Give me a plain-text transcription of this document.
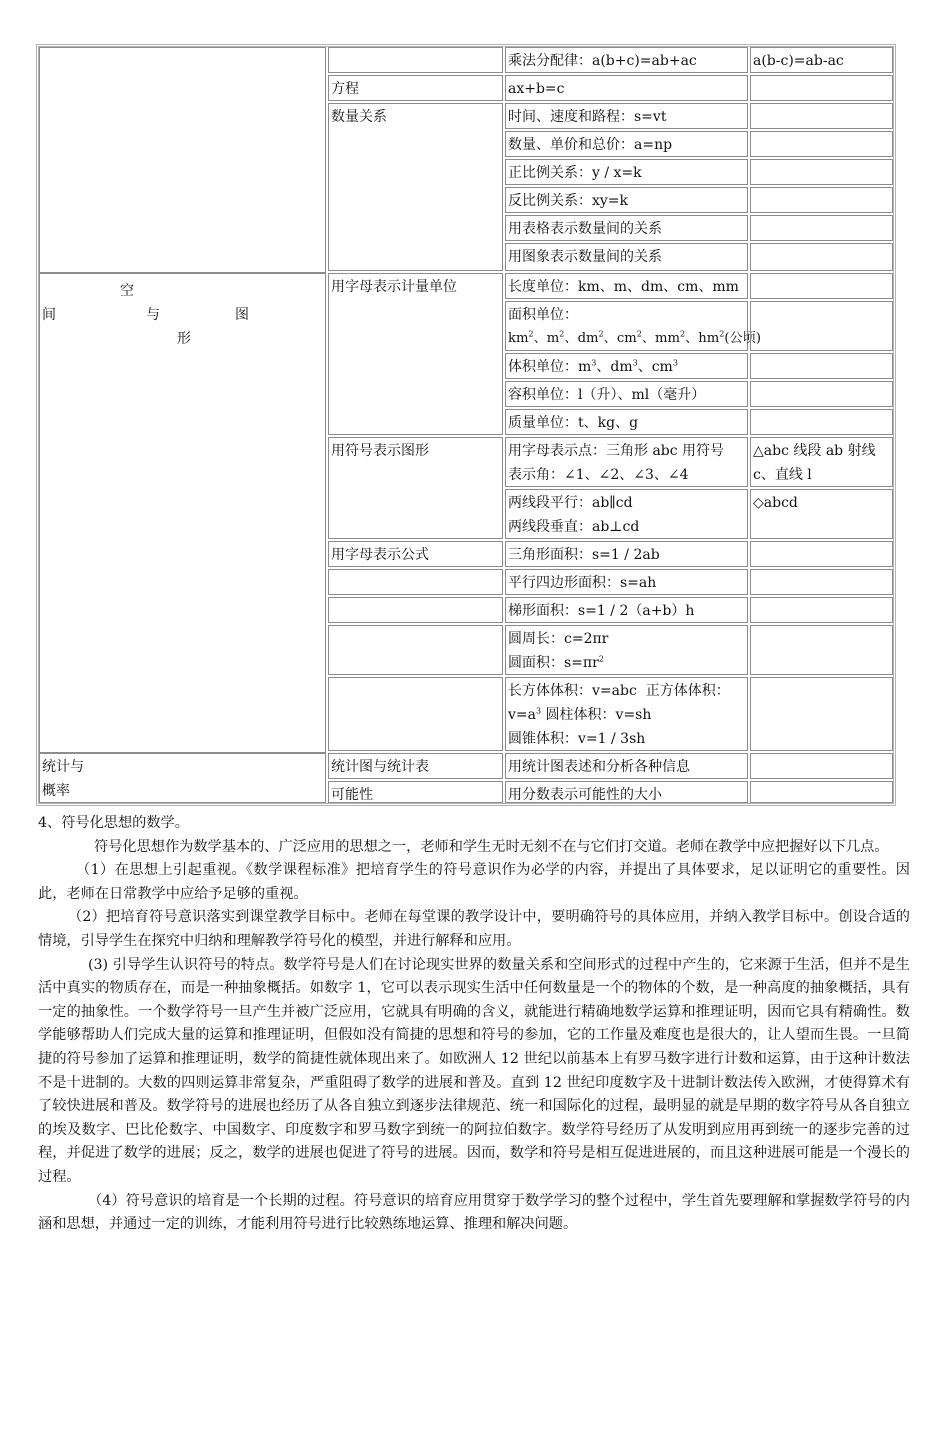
空
间	与	图
形
统计与
概率
方程
数量关系
用字母表示计量单位
用符号表示图形
用字母表示公式
统计图与统计表
可能性
乘法分配律：a(b+c)=ab+ac
ax+b=c
时间、速度和路程：s=vt
数量、单价和总价：a=np
正比例关系：y / x=k
反比例关系：xy=k
用表格表示数量间的关系
用图象表示数量间的关系
长度单位：km、m、dm、cm、mm
面积单位：
$km^2$、$m^2$、$dm^2$、$cm^2$、$mm^2$、$hm^2$(公顷)
体积单位：$m^3$、$dm^3$、$cm^3$
容积单位：l（升）、ml（毫升）
质量单位：t、kg、g
用字母表示点：三角形 abc 用符号
表示角：∠1、∠2、∠3、∠4
两线段平行：ab∥cd
两线段垂直：ab⊥cd
三角形面积：s=1 / 2ab
平行四边形面积：s=ah
梯形面积：s=1 / 2（a+b）h
圆周长：c=2πr
圆面积：$s=\pi r^2$
长方体体积：v=abc  正方体体积：
$v=a^3$ 圆柱体积：v=sh
圆锥体积：v=1 / 3sh
用统计图表述和分析各种信息
用分数表示可能性的大小
a(b-c)=ab-ac
△abc 线段 ab 射线
c、直线 l
◇abcd

4、符号化思想的数学。

符号化思想作为数学基本的、广泛应用的思想之一，老师和学生无时无刻不在与它们打交道。老师在教学中应把握好以下几点。

（1）在思想上引起重视。《数学课程标准》把培育学生的符号意识作为必学的内容，并提出了具体要求，足以证明它的重要性。因此，老师在日常教学中应给予足够的重视。

（2）把培育符号意识落实到课堂教学目标中。老师在每堂课的教学设计中，要明确符号的具体应用，并纳入教学目标中。创设合适的情境，引导学生在探究中归纳和理解教学符号化的模型，并进行解释和应用。

(3) 引导学生认识符号的特点。数学符号是人们在讨论现实世界的数量关系和空间形式的过程中产生的，它来源于生活，但并不是生活中真实的物质存在，而是一种抽象概括。如数字 1，它可以表示现实生活中任何数量是一个的物体的个数，是一种高度的抽象概括，具有一定的抽象性。一个数学符号一旦产生并被广泛应用，它就具有明确的含义，就能进行精确地数学运算和推理证明，因而它具有精确性。数学能够帮助人们完成大量的运算和推理证明，但假如没有简捷的思想和符号的参加，它的工作量及难度也是很大的，让人望而生畏。一旦简捷的符号参加了运算和推理证明，数学的简捷性就体现出来了。如欧洲人 12 世纪以前基本上有罗马数字进行计数和运算，由于这种计数法不是十进制的。大数的四则运算非常复杂，严重阻碍了数学的进展和普及。直到 12 世纪印度数字及十进制计数法传入欧洲，才使得算术有了较快进展和普及。数学符号的进展也经历了从各自独立到逐步法律规范、统一和国际化的过程，最明显的就是早期的数字符号从各自独立的埃及数字、巴比伦数字、中国数字、印度数字和罗马数字到统一的阿拉伯数字。数学符号经历了从发明到应用再到统一的逐步完善的过程，并促进了数学的进展；反之，数学的进展也促进了符号的进展。因而，数学和符号是相互促进进展的，而且这种进展可能是一个漫长的过程。

（4）符号意识的培育是一个长期的过程。符号意识的培育应用贯穿于数学学习的整个过程中，学生首先要理解和掌握数学符号的内涵和思想，并通过一定的训练，才能利用符号进行比较熟练地运算、推理和解决问题。
